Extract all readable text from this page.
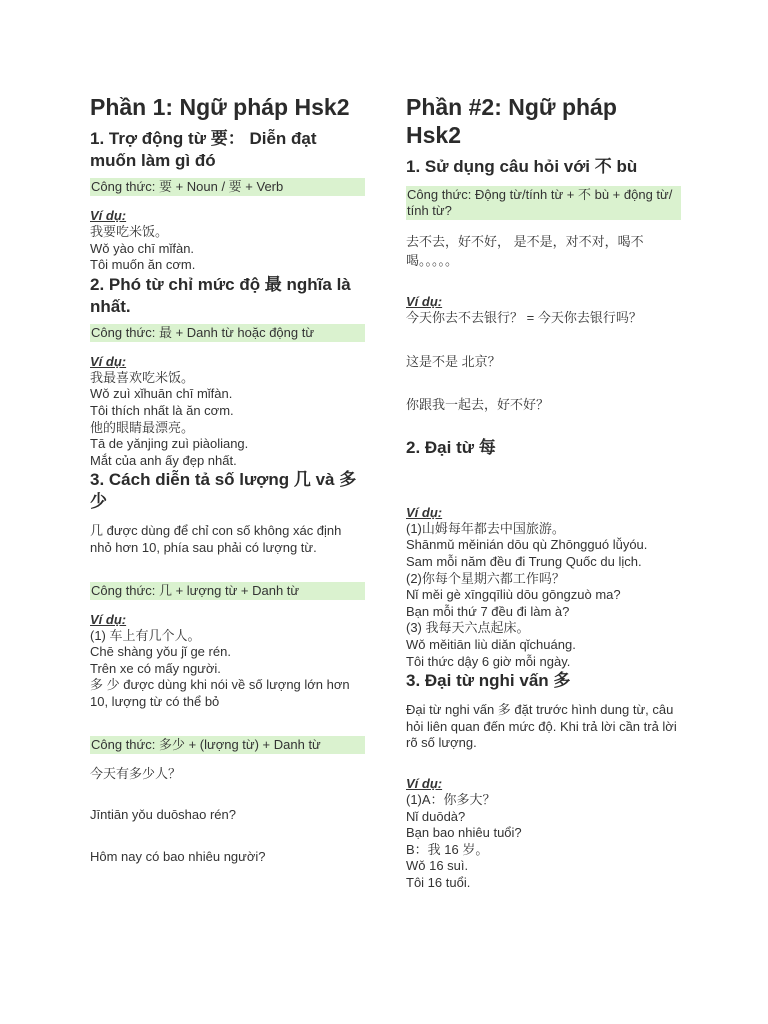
Phần 1: Ngữ pháp Hsk2
1. Trợ động từ 要： Diễn đạt muốn làm gì đó
Công thức: 要 + Noun / 要 + Verb
Ví dụ:
我要吃米饭。
Wǒ yào chī mǐfàn.
Tôi muốn ăn cơm.
2. Phó từ chỉ mức độ 最 nghĩa là nhất.
Công thức: 最 + Danh từ hoặc động từ
Ví dụ:
我最喜欢吃米饭。
Wǒ zuì xǐhuān chī mǐfàn.
Tôi thích nhất là ăn cơm.
他的眼睛最漂亮。
Tā de yǎnjing zuì piàoliang.
Mắt của anh ấy đẹp nhất.
3. Cách diễn tả số lượng 几 và 多少
几 được dùng để chỉ con số không xác định nhỏ hơn 10, phía sau phải có lượng từ.
Công thức: 几 + lượng từ + Danh từ
Ví dụ:
(1) 车上有几个人。
Chē shàng yǒu jǐ ge rén.
Trên xe có mấy người.
多 少 được dùng khi nói về số lượng lớn hơn 10, lượng từ có thể bỏ
Công thức: 多少 + (lượng từ) + Danh từ
今天有多少人？
Jīntiān yǒu duōshao rén?
Hôm nay có bao nhiêu người?
Phần #2: Ngữ pháp Hsk2
1. Sử dụng câu hỏi với 不 bù
Công thức: Động từ/tính từ + 不 bù + động từ/ tính từ?
去不去，好不好， 是不是，对不对，喝不喝。。。。。
Ví dụ:
今天你去不去银行？ = 今天你去银行吗？
这是不是 北京？
你跟我一起去，好不好？
2. Đại từ 每
Ví dụ:
(1)山姆每年都去中国旅游。
Shānmǔ měinián dōu qù Zhōngguó lǚyóu.
Sam mỗi năm đều đi Trung Quốc du lịch.
(2)你每个星期六都工作吗？
Nǐ měi gè xīngqīliù dōu gōngzuò ma?
Bạn mỗi thứ 7 đều đi làm à?
(3) 我每天六点起床。
Wǒ měitiān liù diǎn qǐchuáng.
Tôi thức dậy 6 giờ mỗi ngày.
3. Đại từ nghi vấn 多
Đại từ nghi vấn 多 đặt trước hình dung từ, câu hỏi liên quan đến mức độ. Khi trả lời cần trả lời rõ số lượng.
Ví dụ:
(1)A：你多大？
Nǐ duōdà?
Bạn bao nhiêu tuổi?
B：我 16 岁。
Wǒ 16 suì.
Tôi 16 tuổi.
